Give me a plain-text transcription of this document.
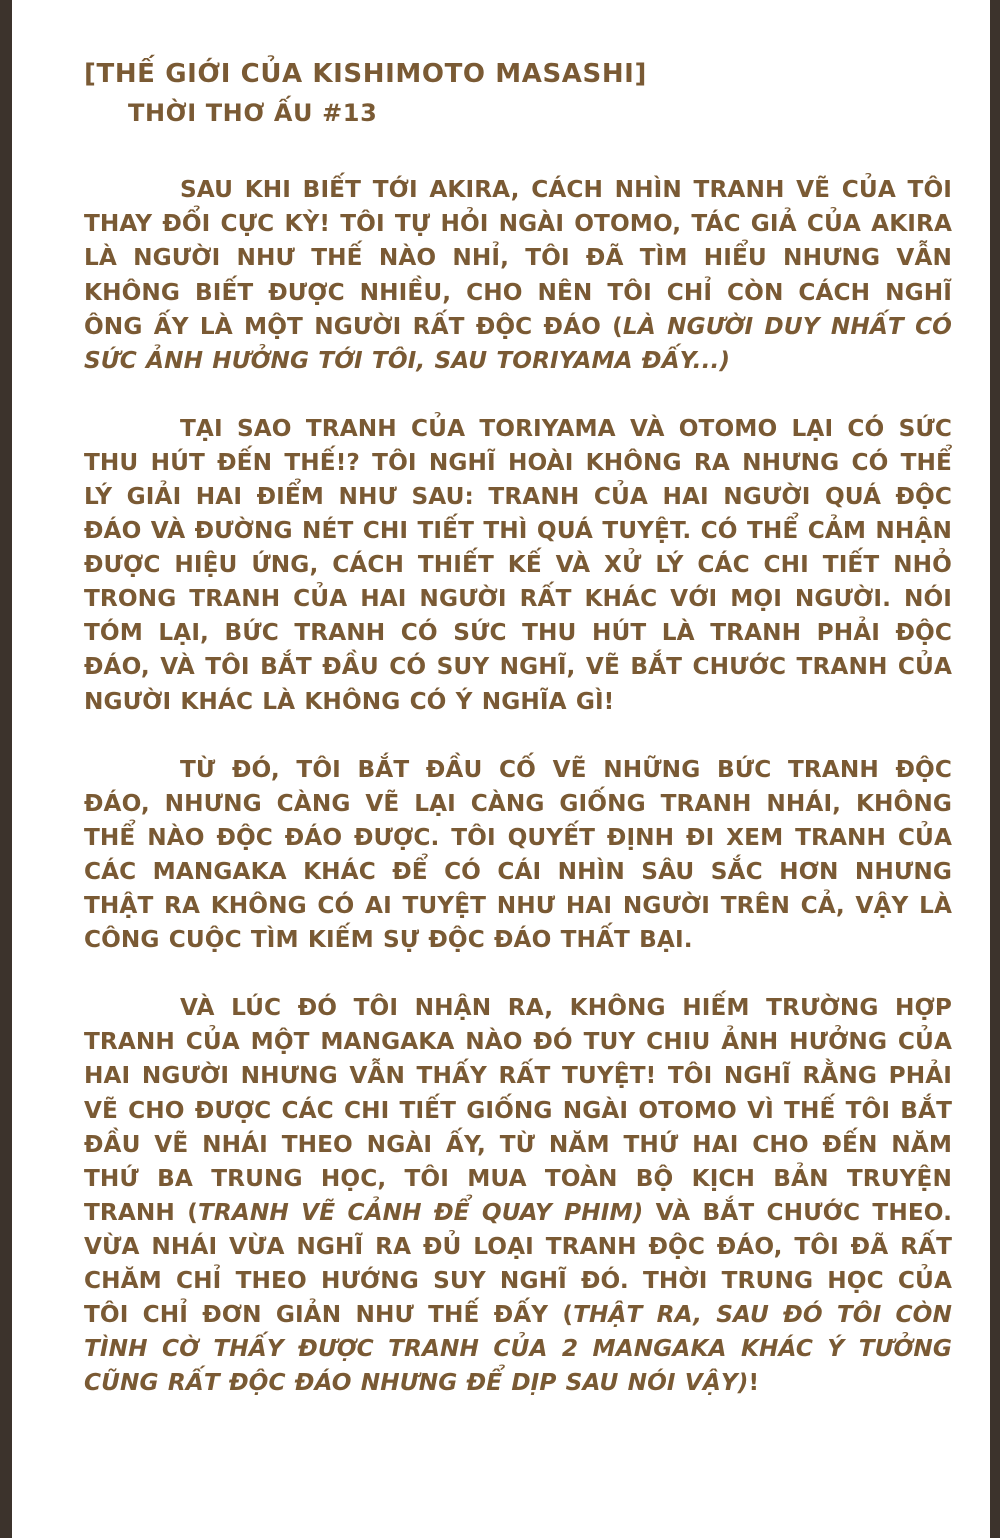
[THẾ GIỚI CỦA KISHIMOTO MASASHI]
THỜI THƠ ẤU #13

SAU KHI BIẾT TỚI AKIRA, CÁCH NHÌN TRANH VẼ CỦA TÔI THAY ĐỔI CỰC KỲ! TÔI TỰ HỎI NGÀI OTOMO, TÁC GIẢ CỦA AKIRA LÀ NGƯỜI NHƯ THẾ NÀO NHỈ, TÔI ĐÃ TÌM HIỂU NHƯNG VẪN KHÔNG BIẾT ĐƯỢC NHIỀU, CHO NÊN TÔI CHỈ CÒN CÁCH NGHĨ ÔNG ẤY LÀ MỘT NGƯỜI RẤT ĐỘC ĐÁO (LÀ NGƯỜI DUY NHẤT CÓ SỨC ẢNH HƯỞNG TỚI TÔI, SAU TORIYAMA ĐẤY...)

TẠI SAO TRANH CỦA TORIYAMA VÀ OTOMO LẠI CÓ SỨC THU HÚT ĐẾN THẾ!? TÔI NGHĨ HOÀI KHÔNG RA NHƯNG CÓ THỂ LÝ GIẢI HAI ĐIỂM NHƯ SAU: TRANH CỦA HAI NGƯỜI QUÁ ĐỘC ĐÁO VÀ ĐƯỜNG NÉT CHI TIẾT THÌ QUÁ TUYỆT. CÓ THỂ CẢM NHẬN ĐƯỢC HIỆU ỨNG, CÁCH THIẾT KẾ VÀ XỬ LÝ CÁC CHI TIẾT NHỎ TRONG TRANH CỦA HAI NGƯỜI RẤT KHÁC VỚI MỌI NGƯỜI. NÓI TÓM LẠI, BỨC TRANH CÓ SỨC THU HÚT LÀ TRANH PHẢI ĐỘC ĐÁO, VÀ TÔI BẮT ĐẦU CÓ SUY NGHĨ, VẼ BẮT CHƯỚC TRANH CỦA NGƯỜI KHÁC LÀ KHÔNG CÓ Ý NGHĨA GÌ!

TỪ ĐÓ, TÔI BẮT ĐẦU CỐ VẼ NHỮNG BỨC TRANH ĐỘC ĐÁO, NHƯNG CÀNG VẼ LẠI CÀNG GIỐNG TRANH NHÁI, KHÔNG THỂ NÀO ĐỘC ĐÁO ĐƯỢC. TÔI QUYẾT ĐỊNH ĐI XEM TRANH CỦA CÁC MANGAKA KHÁC ĐỂ CÓ CÁI NHÌN SÂU SẮC HƠN NHƯNG THẬT RA KHÔNG CÓ AI TUYỆT NHƯ HAI NGƯỜI TRÊN CẢ, VẬY LÀ CÔNG CUỘC TÌM KIẾM SỰ ĐỘC ĐÁO THẤT BẠI.

VÀ LÚC ĐÓ TÔI NHẬN RA, KHÔNG HIẾM TRƯỜNG HỢP TRANH CỦA MỘT MANGAKA NÀO ĐÓ TUY CHIU ẢNH HƯỞNG CỦA HAI NGƯỜI NHƯNG VẪN THẤY RẤT TUYỆT! TÔI NGHĨ RẰNG PHẢI VẼ CHO ĐƯỢC CÁC CHI TIẾT GIỐNG NGÀI OTOMO VÌ THẾ TÔI BẮT ĐẦU VẼ NHÁI THEO NGÀI ẤY, TỪ NĂM THỨ HAI CHO ĐẾN NĂM THỨ BA TRUNG HỌC, TÔI MUA TOÀN BỘ KỊCH BẢN TRUYỆN TRANH (TRANH VẼ CẢNH ĐỂ QUAY PHIM) VÀ BẮT CHƯỚC THEO. VỪA NHÁI VỪA NGHĨ RA ĐỦ LOẠI TRANH ĐỘC ĐÁO, TÔI ĐÃ RẤT CHĂM CHỈ THEO HƯỚNG SUY NGHĨ ĐÓ. THỜI TRUNG HỌC CỦA TÔI CHỈ ĐƠN GIẢN NHƯ THẾ ĐẤY (THẬT RA, SAU ĐÓ TÔI CÒN TÌNH CỜ THẤY ĐƯỢC TRANH CỦA 2 MANGAKA KHÁC Ý TƯỞNG CŨNG RẤT ĐỘC ĐÁO NHƯNG ĐỂ DỊP SAU NÓI VẬY)!
